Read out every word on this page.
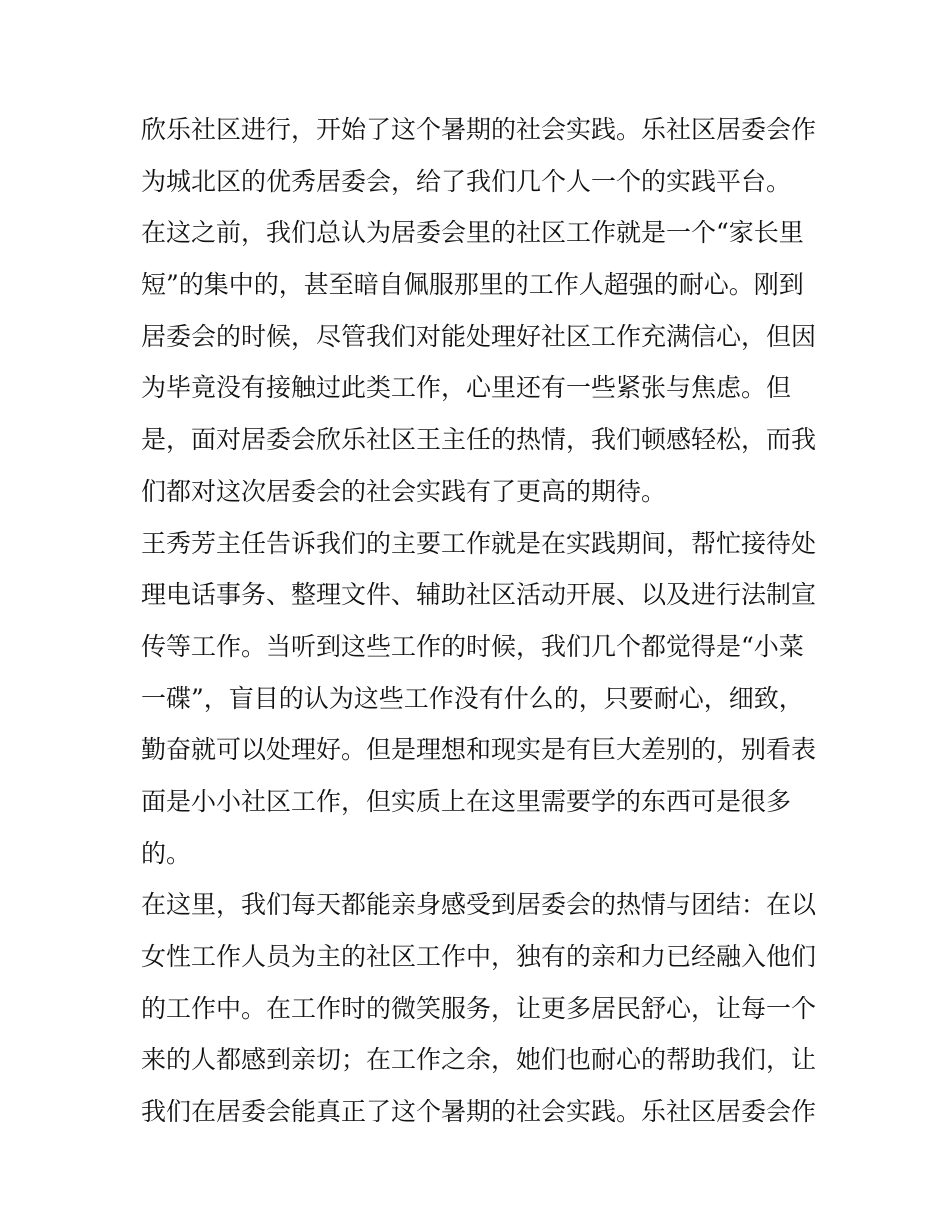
欣乐社区进行，开始了这个暑期的社会实践。乐社区居委会作
为城北区的优秀居委会，给了我们几个人一个的实践平台。
在这之前，我们总认为居委会里的社区工作就是一个“家长里
短”的集中的，甚至暗自佩服那里的工作人超强的耐心。刚到
居委会的时候，尽管我们对能处理好社区工作充满信心，但因
为毕竟没有接触过此类工作，心里还有一些紧张与焦虑。但
是，面对居委会欣乐社区王主任的热情，我们顿感轻松，而我
们都对这次居委会的社会实践有了更高的期待。
王秀芳主任告诉我们的主要工作就是在实践期间，帮忙接待处
理电话事务、整理文件、辅助社区活动开展、以及进行法制宣
传等工作。当听到这些工作的时候，我们几个都觉得是“小菜
一碟”，盲目的认为这些工作没有什么的，只要耐心，细致，
勤奋就可以处理好。但是理想和现实是有巨大差别的，别看表
面是小小社区工作，但实质上在这里需要学的东西可是很多
的。
在这里，我们每天都能亲身感受到居委会的热情与团结：在以
女性工作人员为主的社区工作中，独有的亲和力已经融入他们
的工作中。在工作时的微笑服务，让更多居民舒心，让每一个
来的人都感到亲切；在工作之余，她们也耐心的帮助我们，让
我们在居委会能真正了这个暑期的社会实践。乐社区居委会作
